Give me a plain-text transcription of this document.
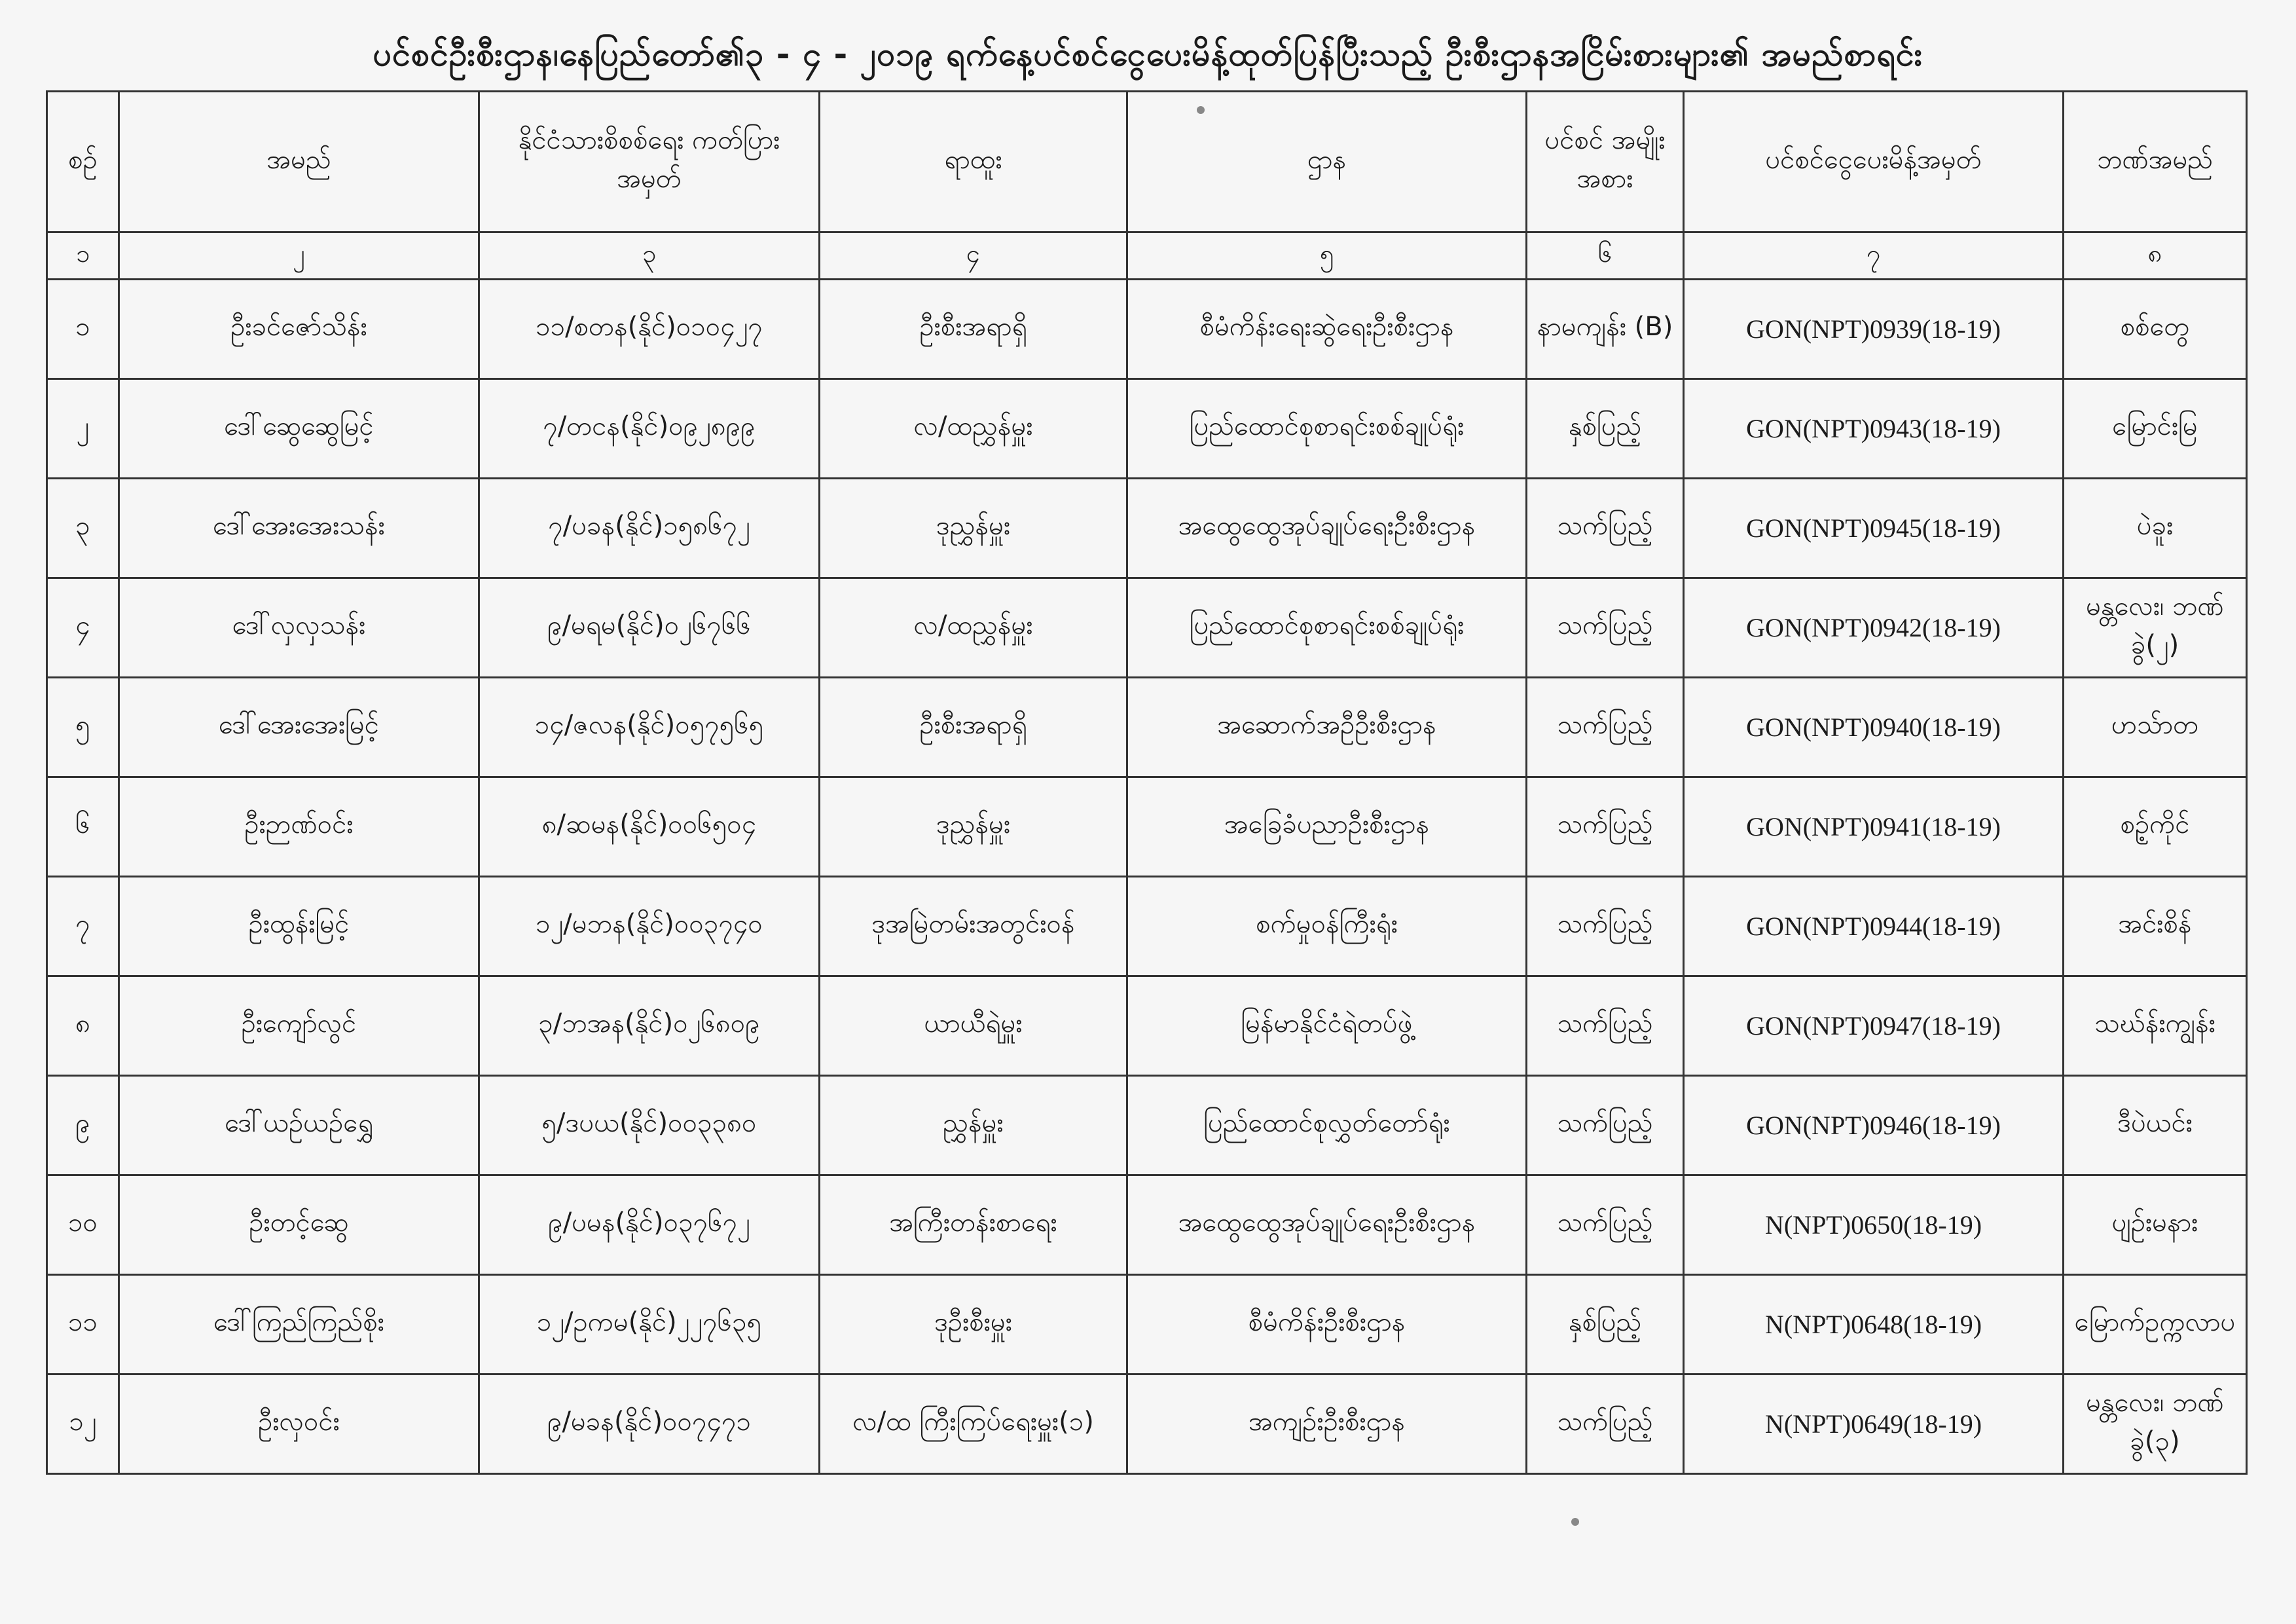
ပင်စင်ဦးစီးဌာန၊နေပြည်တော်၏၃ - ၄ - ၂၀၁၉ ရက်နေ့ပင်စင်ငွေပေးမိန့်ထုတ်ပြန်ပြီးသည့် ဦးစီးဌာနအငြိမ်းစားများ၏ အမည်စာရင်း
စဉ်	အမည်	နိုင်ငံသားစိစစ်ရေး ကတ်ပြားအမှတ်	ရာထူး	ဌာန	ပင်စင် အမျိုး အစား	ပင်စင်ငွေပေးမိန့်အမှတ်	ဘဏ်အမည်
၁	၂	၃	၄	၅	၆	၇	၈
၁	ဦးခင်ဇော်သိန်း	၁၁/စတန(နိုင်)၀၁၀၄၂၇	ဦးစီးအရာရှိ	စီမံကိန်းရေးဆွဲရေးဦးစီးဌာန	နာမကျန်း (B)	GON(NPT)0939(18-19)	စစ်တွေ
၂	ဒေါ်ဆွေဆွေမြင့်	၇/တငန(နိုင်)၀၉၂၈၉၉	လ/ထညွှန်မှူး	ပြည်ထောင်စုစာရင်းစစ်ချုပ်ရုံး	နှစ်ပြည့်	GON(NPT)0943(18-19)	မြောင်းမြ
၃	ဒေါ်အေးအေးသန်း	၇/ပခန(နိုင်)၁၅၈၆၇၂	ဒုညွှန်မှူး	အထွေထွေအုပ်ချုပ်ရေးဦးစီးဌာန	သက်ပြည့်	GON(NPT)0945(18-19)	ပဲခူး
၄	ဒေါ်လှလှသန်း	၉/မရမ(နိုင်)၀၂၆၇၆၆	လ/ထညွှန်မှူး	ပြည်ထောင်စုစာရင်းစစ်ချုပ်ရုံး	သက်ပြည့်	GON(NPT)0942(18-19)	မန္တလေး၊ ဘဏ်ခွဲ(၂)
၅	ဒေါ်အေးအေးမြင့်	၁၄/ဇလန(နိုင်)၀၅၇၅၆၅	ဦးစီးအရာရှိ	အဆောက်အဦဦးစီးဌာန	သက်ပြည့်	GON(NPT)0940(18-19)	ဟသ်ာတ
၆	ဦးဉာဏ်ဝင်း	၈/ဆမန(နိုင်)၀၀၆၅၀၄	ဒုညွှန်မှူး	အခြေခံပညာဦးစီးဌာန	သက်ပြည့်	GON(NPT)0941(18-19)	စဉ့်ကိုင်
၇	ဦးထွန်းမြင့်	၁၂/မဘန(နိုင်)၀၀၃၇၄၀	ဒုအမြဲတမ်းအတွင်းဝန်	စက်မှုဝန်ကြီးရုံး	သက်ပြည့်	GON(NPT)0944(18-19)	အင်းစိန်
၈	ဦးကျော်လွင်	၃/ဘအန(နိုင်)၀၂၆၈၀၉	ယာယီရဲမှူး	မြန်မာနိုင်ငံရဲတပ်ဖွဲ့	သက်ပြည့်	GON(NPT)0947(18-19)	သဃ်န်းကျွန်း
၉	ဒေါ်ယဉ်ယဉ်ရွှေ	၅/ဒပယ(နိုင်)၀၀၃၃၈၀	ညွှန်မှူး	ပြည်ထောင်စုလွှတ်တော်ရုံး	သက်ပြည့်	GON(NPT)0946(18-19)	ဒီပဲယင်း
၁၀	ဦးတင့်ဆွေ	၉/ပမန(နိုင်)၀၃၇၆၇၂	အကြီးတန်းစာရေး	အထွေထွေအုပ်ချုပ်ရေးဦးစီးဌာန	သက်ပြည့်	N(NPT)0650(18-19)	ပျဉ်းမနား
၁၁	ဒေါ်ကြည်ကြည်စိုး	၁၂/ဥကမ(နိုင်)၂၂၇၆၃၅	ဒုဦးစီးမှူး	စီမံကိန်းဦးစီးဌာန	နှစ်ပြည့်	N(NPT)0648(18-19)	မြောက်ဥက္ကလာပ
၁၂	ဦးလှဝင်း	၉/မခန(နိုင်)၀၀၇၄၇၁	လ/ထ ကြီးကြပ်ရေးမှူး(၁)	အကျဉ်းဦးစီးဌာန	သက်ပြည့်	N(NPT)0649(18-19)	မန္တလေး၊ ဘဏ်ခွဲ(၃)
